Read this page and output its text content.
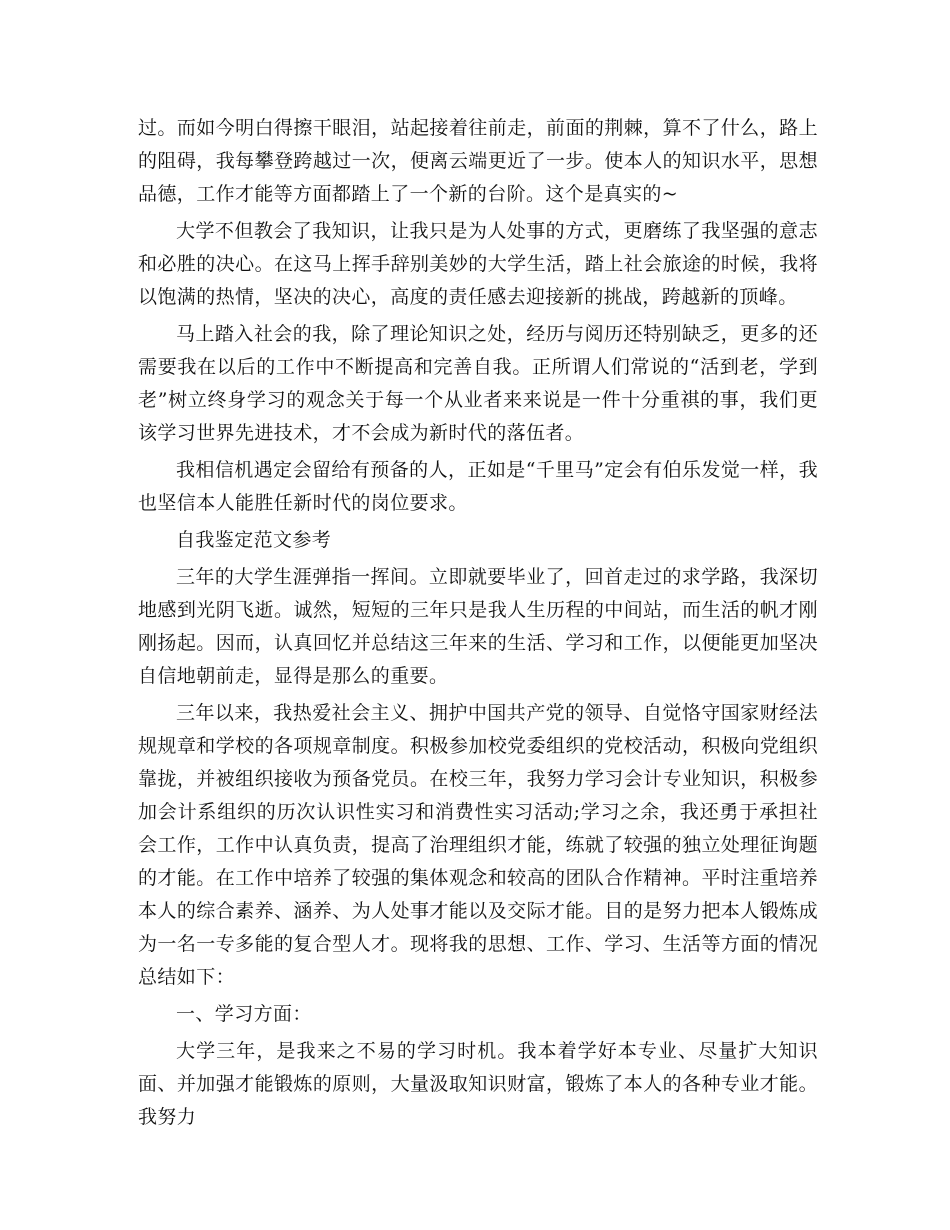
过。而如今明白得擦干眼泪，站起接着往前走，前面的荆棘，算不了什么，路上的阻碍，我每攀登跨越过一次，便离云端更近了一步。使本人的知识水平，思想品德，工作才能等方面都踏上了一个新的台阶。这个是真实的~

大学不但教会了我知识，让我只是为人处事的方式，更磨练了我坚强的意志和必胜的决心。在这马上挥手辞别美妙的大学生活，踏上社会旅途的时候，我将以饱满的热情，坚决的决心，高度的责任感去迎接新的挑战，跨越新的顶峰。

马上踏入社会的我，除了理论知识之处，经历与阅历还特别缺乏，更多的还需要我在以后的工作中不断提高和完善自我。正所谓人们常说的“活到老，学到老”树立终身学习的观念关于每一个从业者来来说是一件十分重祺的事，我们更该学习世界先进技术，才不会成为新时代的落伍者。

我相信机遇定会留给有预备的人，正如是“千里马”定会有伯乐发觉一样，我也坚信本人能胜任新时代的岗位要求。

自我鉴定范文参考

三年的大学生涯弹指一挥间。立即就要毕业了，回首走过的求学路，我深切地感到光阴飞逝。诚然，短短的三年只是我人生历程的中间站，而生活的帆才刚刚扬起。因而，认真回忆并总结这三年来的生活、学习和工作，以便能更加坚决自信地朝前走，显得是那么的重要。

三年以来，我热爱社会主义、拥护中国共产党的领导、自觉恪守国家财经法规规章和学校的各项规章制度。积极参加校党委组织的党校活动，积极向党组织靠拢，并被组织接收为预备党员。在校三年，我努力学习会计专业知识，积极参加会计系组织的历次认识性实习和消费性实习活动;学习之余，我还勇于承担社会工作，工作中认真负责，提高了治理组织才能，练就了较强的独立处理征询题的才能。在工作中培养了较强的集体观念和较高的团队合作精神。平时注重培养本人的综合素养、涵养、为人处事才能以及交际才能。目的是努力把本人锻炼成为一名一专多能的复合型人才。现将我的思想、工作、学习、生活等方面的情况总结如下：

一、学习方面：

大学三年，是我来之不易的学习时机。我本着学好本专业、尽量扩大知识面、并加强才能锻炼的原则，大量汲取知识财富，锻炼了本人的各种专业才能。我努力
